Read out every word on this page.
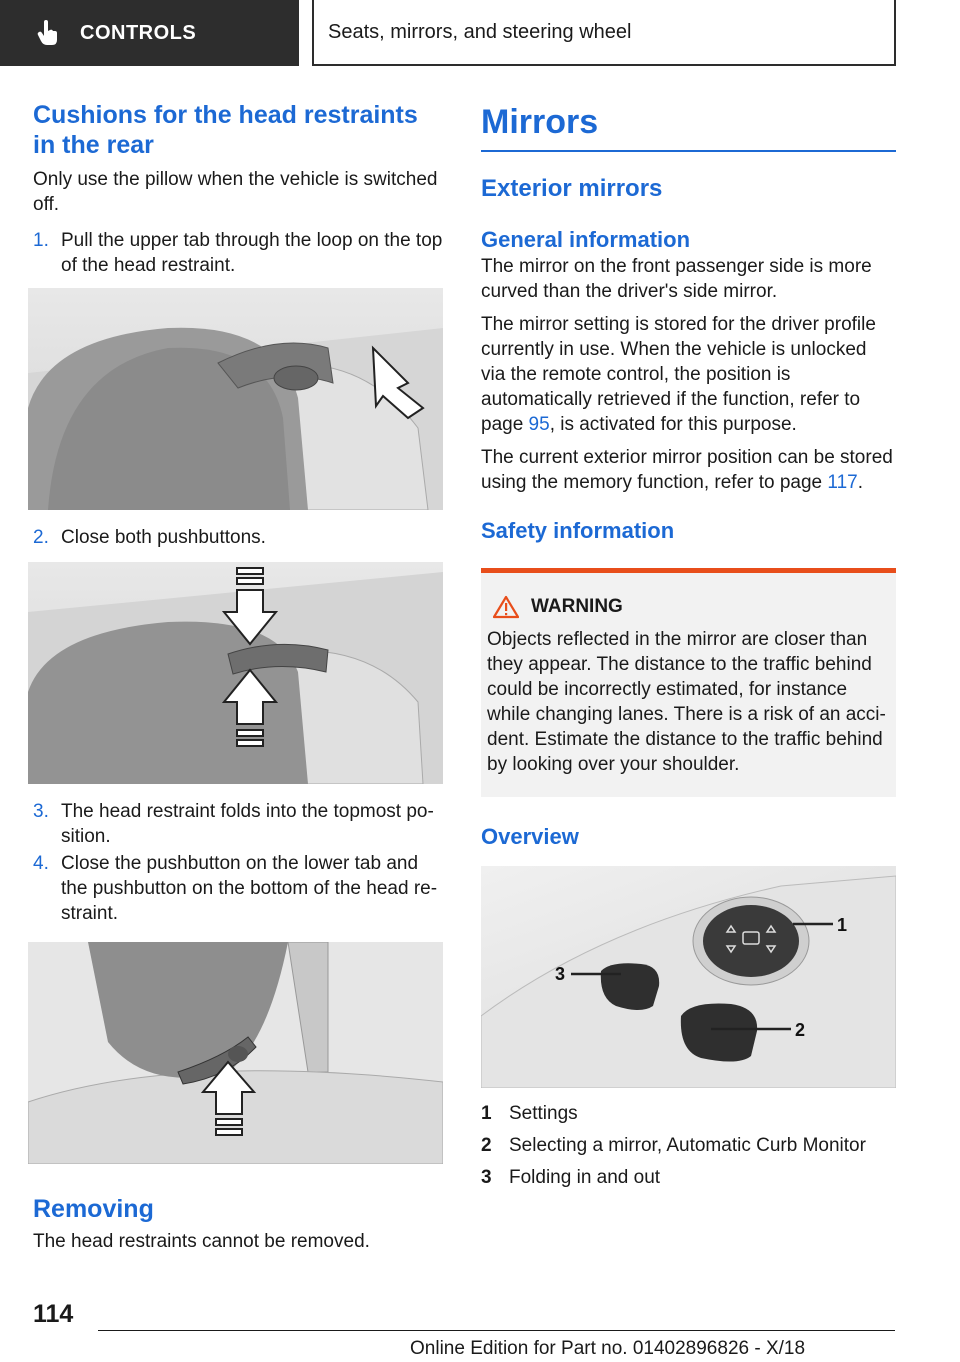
CONTROLS	Seats, mirrors, and steering wheel
Cushions for the head restraints in the rear

Only use the pillow when the vehicle is switched off.

1. Pull the upper tab through the loop on the top of the head restraint.
2. Close both pushbuttons.
3. The head restraint folds into the topmost position.
4. Close the pushbutton on the lower tab and the pushbutton on the bottom of the head restraint.
Removing

The head restraints cannot be removed.

Mirrors
Exterior mirrors
General information

The mirror on the front passenger side is more curved than the driver's side mirror.

The mirror setting is stored for the driver profile currently in use. When the vehicle is unlocked via the remote control, the position is automatically retrieved if the function, refer to page 95, is activated for this purpose.

The current exterior mirror position can be stored using the memory function, refer to page 117.

Safety information
WARNING

Objects reflected in the mirror are closer than they appear. The distance to the traffic behind could be incorrectly estimated, for instance while changing lanes. There is a risk of an accident. Estimate the distance to the traffic behind by looking over your shoulder.

Overview
1
3
2
1 Settings
2 Selecting a mirror, Automatic Curb Monitor
3 Folding in and out
114
Online Edition for Part no. 01402896826 - X/18
